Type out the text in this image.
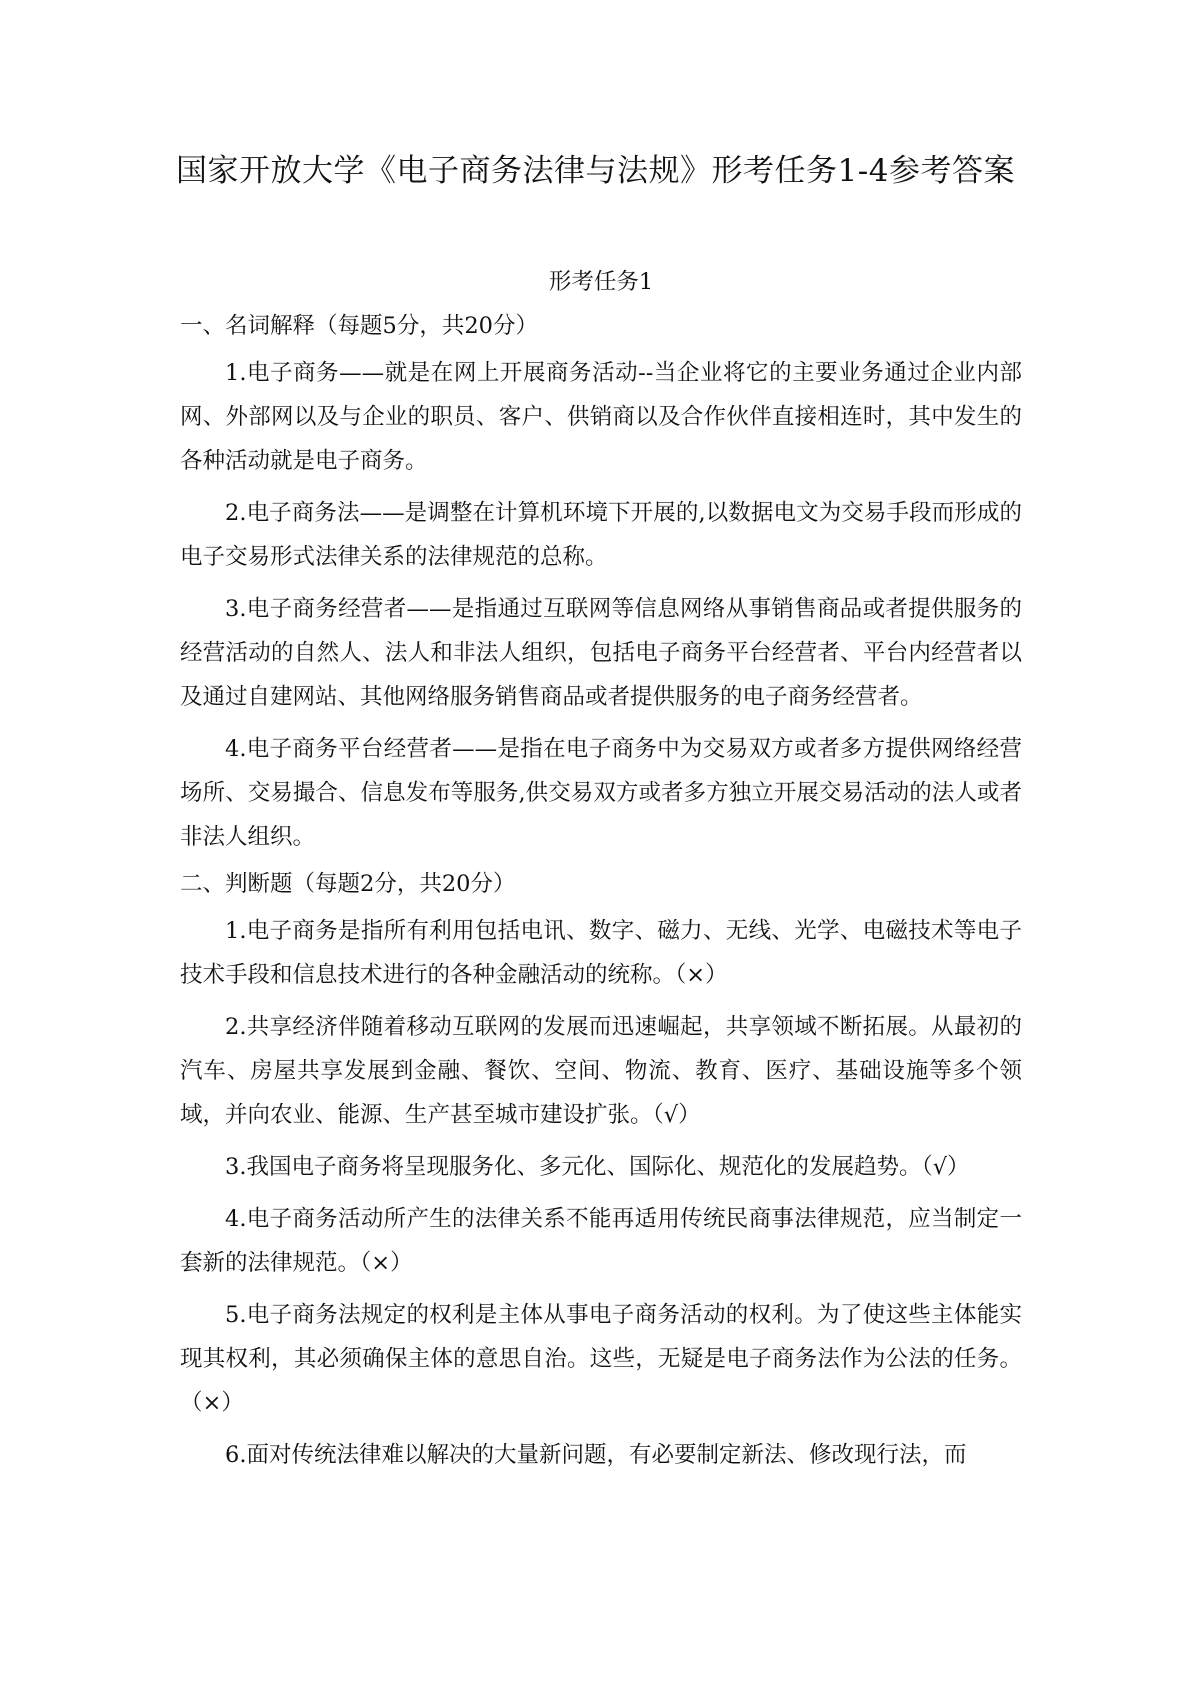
国家开放大学《电子商务法律与法规》形考任务1-4参考答案
形考任务1

一、名词解释（每题5分，共20分）

1.电子商务——就是在网上开展商务活动--当企业将它的主要业务通过企业内部网、外部网以及与企业的职员、客户、供销商以及合作伙伴直接相连时，其中发生的各种活动就是电子商务。

2.电子商务法——是调整在计算机环境下开展的,以数据电文为交易手段而形成的电子交易形式法律关系的法律规范的总称。

3.电子商务经营者——是指通过互联网等信息网络从事销售商品或者提供服务的经营活动的自然人、法人和非法人组织，包括电子商务平台经营者、平台内经营者以及通过自建网站、其他网络服务销售商品或者提供服务的电子商务经营者。

4.电子商务平台经营者——是指在电子商务中为交易双方或者多方提供网络经营场所、交易撮合、信息发布等服务,供交易双方或者多方独立开展交易活动的法人或者非法人组织。

二、判断题（每题2分，共20分）

1.电子商务是指所有利用包括电讯、数字、磁力、无线、光学、电磁技术等电子技术手段和信息技术进行的各种金融活动的统称。（×）

2.共享经济伴随着移动互联网的发展而迅速崛起，共享领域不断拓展。从最初的汽车、房屋共享发展到金融、餐饮、空间、物流、教育、医疗、基础设施等多个领域，并向农业、能源、生产甚至城市建设扩张。（√）

3.我国电子商务将呈现服务化、多元化、国际化、规范化的发展趋势。（√）

4.电子商务活动所产生的法律关系不能再适用传统民商事法律规范，应当制定一套新的法律规范。（×）

5.电子商务法规定的权利是主体从事电子商务活动的权利。为了使这些主体能实现其权利，其必须确保主体的意思自治。这些，无疑是电子商务法作为公法的任务。（×）

6.面对传统法律难以解决的大量新问题，有必要制定新法、修改现行法，而
